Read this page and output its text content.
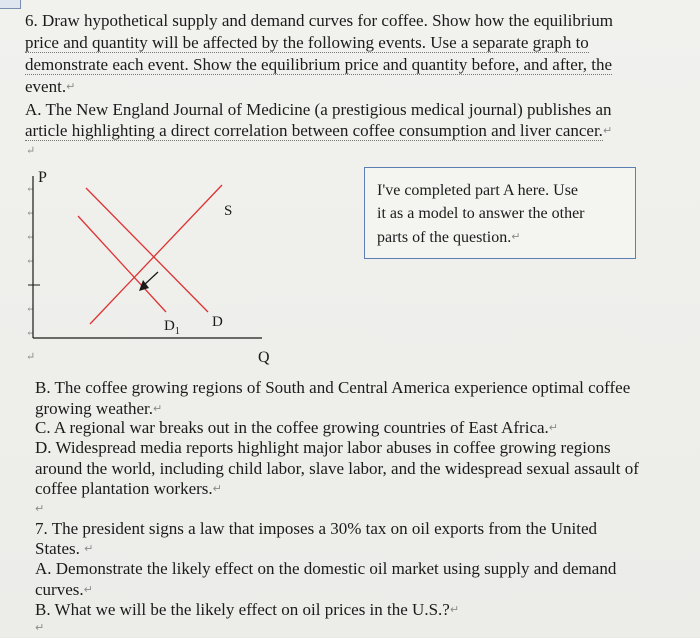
6. Draw hypothetical supply and demand curves for coffee. Show how the equilibrium
price and quantity will be affected by the following events. Use a separate graph to
demonstrate each event. Show the equilibrium price and quantity before, and after, the
event.↵
A. The New England Journal of Medicine (a prestigious medical journal) publishes an
article highlighting a direct correlation between coffee consumption and liver cancer.↵
↵
↵
↵
↵
↵
↵
↵
↵
P
S
$D_1$
D
Q
I've completed part A here. Use
it as a model to answer the other
parts of the question.↵
B. The coffee growing regions of South and Central America experience optimal coffee
growing weather.↵
C. A regional war breaks out in the coffee growing countries of East Africa.↵
D. Widespread media reports highlight major labor abuses in coffee growing regions
around the world, including child labor, slave labor, and the widespread sexual assault of
coffee plantation workers.↵
↵
7. The president signs a law that imposes a 30% tax on oil exports from the United
States. ↵
A. Demonstrate the likely effect on the domestic oil market using supply and demand
curves.↵
B. What we will be the likely effect on oil prices in the U.S.?↵
↵
